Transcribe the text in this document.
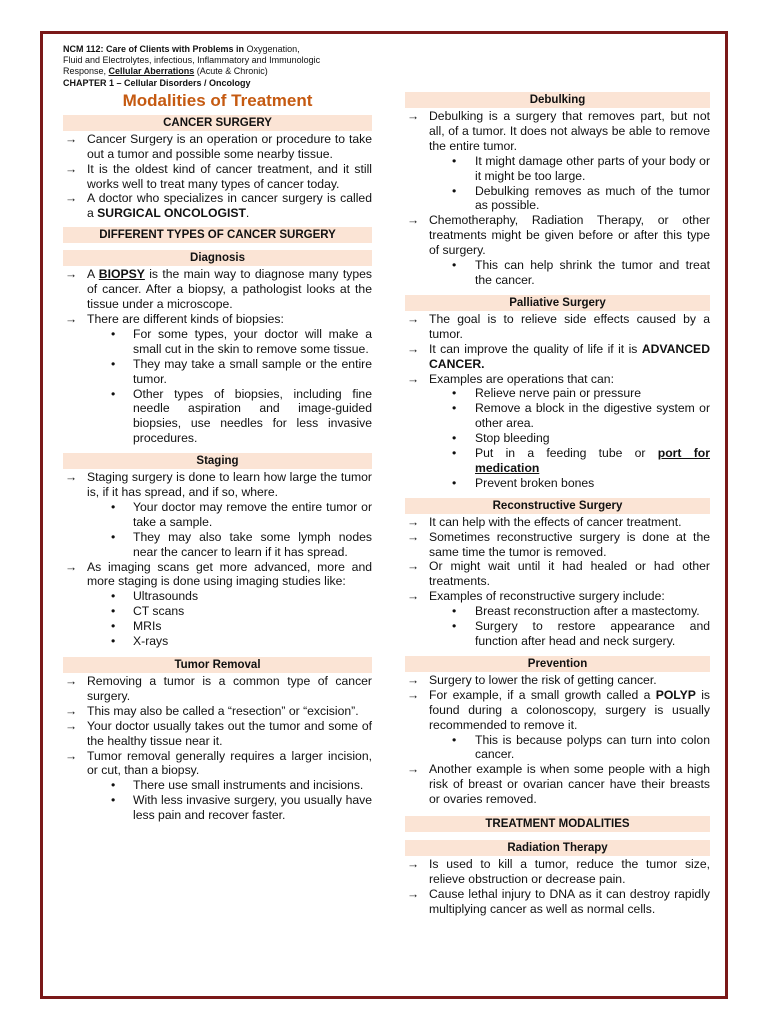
NCM 112: Care of Clients with Problems in Oxygenation,
Fluid and Electrolytes, infectious, Inflammatory and Immunologic
Response, Cellular Aberrations (Acute & Chronic)
CHAPTER 1 – Cellular Disorders / Oncology
Modalities of Treatment
CANCER SURGERY

→ Cancer Surgery is an operation or procedure to take out a tumor and possible some nearby tissue.

→ It is the oldest kind of cancer treatment, and it still works well to treat many types of cancer today.

→ A doctor who specializes in cancer surgery is called a SURGICAL ONCOLOGIST.

DIFFERENT TYPES OF CANCER SURGERY
Diagnosis

→ A BIOPSY is the main way to diagnose many types of cancer. After a biopsy, a pathologist looks at the tissue under a microscope.

→ There are different kinds of biopsies:

• For some types, your doctor will make a small cut in the skin to remove some tissue.

• They may take a small sample or the entire tumor.

• Other types of biopsies, including fine needle aspiration and image-guided biopsies, use needles for less invasive procedures.

Staging

→ Staging surgery is done to learn how large the tumor is, if it has spread, and if so, where.

• Your doctor may remove the entire tumor or take a sample.

• They may also take some lymph nodes near the cancer to learn if it has spread.

→ As imaging scans get more advanced, more and more staging is done using imaging studies like:

• Ultrasounds

• CT scans

• MRIs

• X-rays

Tumor Removal

→ Removing a tumor is a common type of cancer surgery.

→ This may also be called a “resection” or “excision”.

→ Your doctor usually takes out the tumor and some of the healthy tissue near it.

→ Tumor removal generally requires a larger incision, or cut, than a biopsy.

• There use small instruments and incisions.

• With less invasive surgery, you usually have less pain and recover faster.

Debulking

→ Debulking is a surgery that removes part, but not all, of a tumor. It does not always be able to remove the entire tumor.

• It might damage other parts of your body or it might be too large.

• Debulking removes as much of the tumor as possible.

→ Chemotheraphy, Radiation Therapy, or other treatments might be given before or after this type of surgery.

• This can help shrink the tumor and treat the cancer.

Palliative Surgery

→ The goal is to relieve side effects caused by a tumor.

→ It can improve the quality of life if it is ADVANCED CANCER.

→ Examples are operations that can:

• Relieve nerve pain or pressure

• Remove a block in the digestive system or other area.

• Stop bleeding

• Put in a feeding tube or port for medication

• Prevent broken bones

Reconstructive Surgery

→ It can help with the effects of cancer treatment.

→ Sometimes reconstructive surgery is done at the same time the tumor is removed.

→ Or might wait until it had healed or had other treatments.

→ Examples of reconstructive surgery include:

• Breast reconstruction after a mastectomy.

• Surgery to restore appearance and function after head and neck surgery.

Prevention

→ Surgery to lower the risk of getting cancer.

→ For example, if a small growth called a POLYP is found during a colonoscopy, surgery is usually recommended to remove it.

• This is because polyps can turn into colon cancer.

→ Another example is when some people with a high risk of breast or ovarian cancer have their breasts or ovaries removed.

TREATMENT MODALITIES
Radiation Therapy

→ Is used to kill a tumor, reduce the tumor size, relieve obstruction or decrease pain.

→ Cause lethal injury to DNA as it can destroy rapidly multiplying cancer as well as normal cells.
